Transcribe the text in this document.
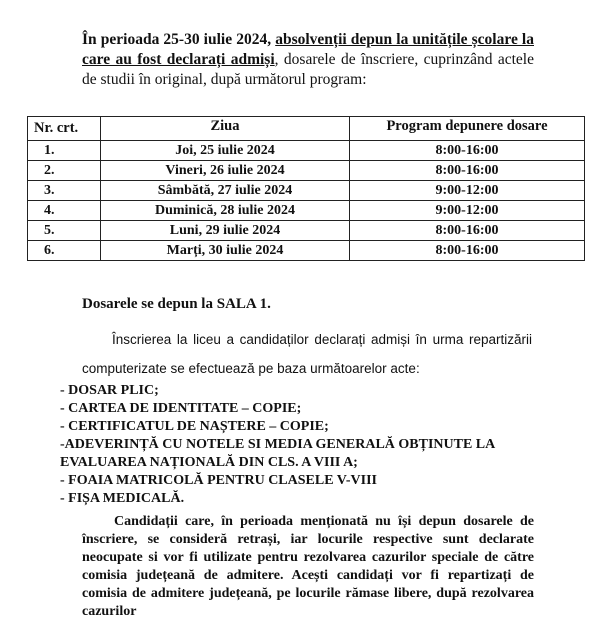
În perioada 25-30 iulie 2024, absolvenții depun la unitățile școlare la care au fost declarați admiși, dosarele de înscriere, cuprinzând actele de studii în original, după următorul program:
Nr. crt.	Ziua	Program depunere dosare
1.	Joi, 25 iulie 2024	8:00-16:00
2.	Vineri, 26 iulie 2024	8:00-16:00
3.	Sâmbătă, 27 iulie 2024	9:00-12:00
4.	Duminică, 28 iulie 2024	9:00-12:00
5.	Luni, 29 iulie 2024	8:00-16:00
6.	Marți, 30 iulie 2024	8:00-16:00
Dosarele se depun la SALA 1.
Înscrierea la liceu a candidaților declarați admiși în urma repartizării computerizate se efectuează pe baza următoarelor acte:
- DOSAR PLIC;
- CARTEA DE IDENTITATE – COPIE;
- CERTIFICATUL DE NAȘTERE – COPIE;
-ADEVERINȚĂ CU NOTELE SI MEDIA GENERALĂ OBȚINUTE LA EVALUAREA NAȚIONALĂ DIN CLS. A VIII A;
- FOAIA MATRICOLĂ PENTRU CLASELE V-VIII
- FIȘA MEDICALĂ.
Candidații care, în perioada menționată nu își depun dosarele de înscriere, se consideră retrași, iar locurile respective sunt declarate neocupate si vor fi utilizate pentru rezolvarea cazurilor speciale de către comisia județeană de admitere. Acești candidați vor fi repartizați de comisia de admitere județeană, pe locurile rămase libere, după rezolvarea cazurilor
